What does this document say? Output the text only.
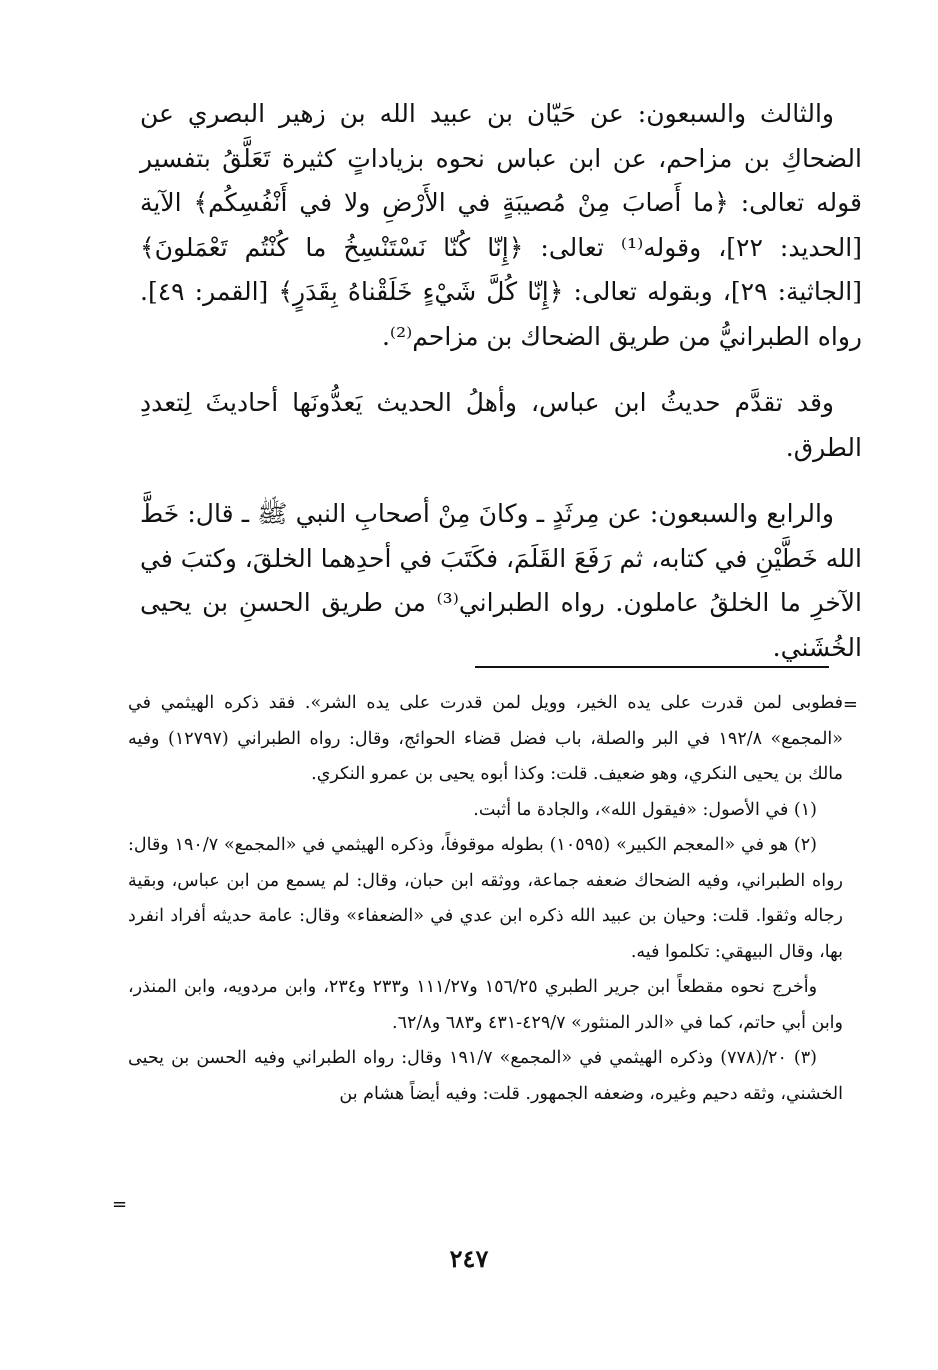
والثالث والسبعون: عن حَيّان بن عبيد الله بن زهير البصري عن الضحاكِ بن مزاحم، عن ابن عباس نحوه بزياداتٍ كثيرة تَعَلَّقُ بتفسير قوله تعالى: ﴿ما أَصابَ مِنْ مُصيبَةٍ في الأَرْضِ ولا في أَنْفُسِكُم﴾ الآية [الحديد: ٢٢]، وقوله⁽¹⁾ تعالى: ﴿إِنّا كُنّا نَسْتَنْسِخُ ما كُنْتُم تَعْمَلونَ﴾ [الجاثية: ٢٩]، وبقوله تعالى: ﴿إِنّا كُلَّ شَيْءٍ خَلَقْناهُ بِقَدَرٍ﴾ [القمر: ٤٩]. رواه الطبرانيُّ من طريق الضحاك بن مزاحم⁽²⁾.

وقد تقدَّم حديثُ ابن عباس، وأهلُ الحديث يَعدُّونَها أحاديثَ لِتعددِ الطرق.

والرابع والسبعون: عن مِرثَدٍ ـ وكانَ مِنْ أصحابِ النبي ﷺ ـ قال: خَطَّ الله خَطَّيْنِ في كتابه، ثم رَفَعَ القَلَمَ، فكَتَبَ في أحدِهما الخلقَ، وكتبَ في الآخرِ ما الخلقُ عاملون. رواه الطبراني⁽³⁾ من طريق الحسنِ بن يحيى الخُشَني.

=

فطوبى لمن قدرت على يده الخير، وويل لمن قدرت على يده الشر». فقد ذكره الهيثمي في «المجمع» ١٩٢/٨ في البر والصلة، باب فضل قضاء الحوائج، وقال: رواه الطبراني (١٢٧٩٧) وفيه مالك بن يحيى النكري، وهو ضعيف. قلت: وكذا أبوه يحيى بن عمرو النكري.

(١) في الأصول: «فيقول الله»، والجادة ما أثبت.

(٢) هو في «المعجم الكبير» (١٠٥٩٥) بطوله موقوفاً، وذكره الهيثمي في «المجمع» ١٩٠/٧ وقال: رواه الطبراني، وفيه الضحاك ضعفه جماعة، ووثقه ابن حبان، وقال: لم يسمع من ابن عباس، وبقية رجاله وثقوا. قلت: وحيان بن عبيد الله ذكره ابن عدي في «الضعفاء» وقال: عامة حديثه أفراد انفرد بها، وقال البيهقي: تكلموا فيه.

وأخرج نحوه مقطعاً ابن جرير الطبري ١٥٦/٢٥ و١١١/٢٧ و٢٣٣ و٢٣٤، وابن مردويه، وابن المنذر، وابن أبي حاتم، كما في «الدر المنثور» ٤٢٩/٧-٤٣١ و٦٨٣ و٦٢/٨.

(٣) ٢٠/(٧٧٨) وذكره الهيثمي في «المجمع» ١٩١/٧ وقال: رواه الطبراني وفيه الحسن بن يحيى الخشني، وثقه دحيم وغيره، وضعفه الجمهور. قلت: وفيه أيضاً هشام بن

=
٢٤٧
